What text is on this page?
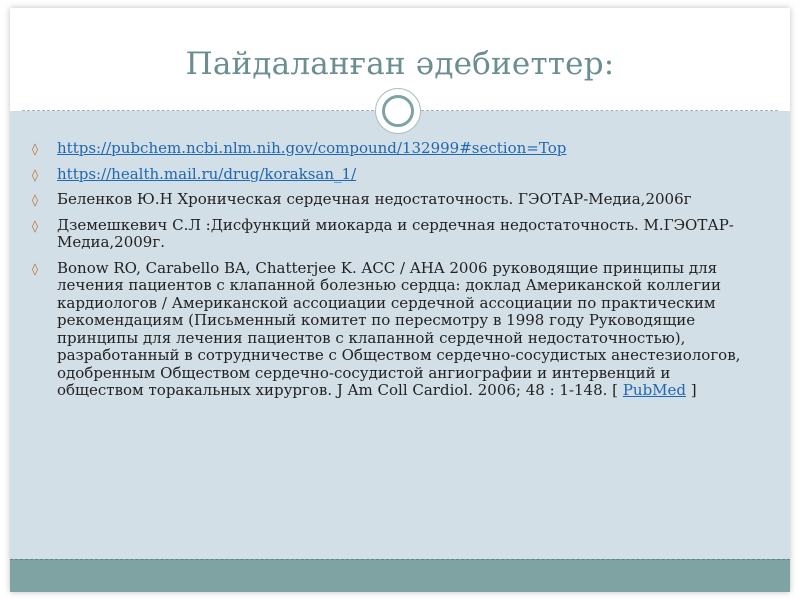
Пайдаланған әдебиеттер:
◊ https://pubchem.ncbi.nlm.nih.gov/compound/132999#section=Top
◊ https://health.mail.ru/drug/koraksan_1/
◊ Беленков Ю.Н Хроническая сердечная недостаточность. ГЭОТАР-Медиа,2006г
◊ Дземешкевич С.Л :Дисфункций миокарда и сердечная недостаточность. М.ГЭОТАР-Медиа,2009г.
◊ Bonow RO, Carabello BA, Chatterjee K. ACC / AHA 2006 руководящие принципы для лечения пациентов с клапанной болезнью сердца: доклад Американской коллегии кардиологов / Американской ассоциации сердечной ассоциации по практическим рекомендациям (Письменный комитет по пересмотру в 1998 году Руководящие принципы для лечения пациентов с клапанной сердечной недостаточностью), разработанный в сотрудничестве с Обществом сердечно-сосудистых анестезиологов, одобренным Обществом сердечно-сосудистой ангиографии и интервенций и обществом торакальных хирургов. J Am Coll Cardiol. 2006; 48 : 1-148. [ PubMed ]
